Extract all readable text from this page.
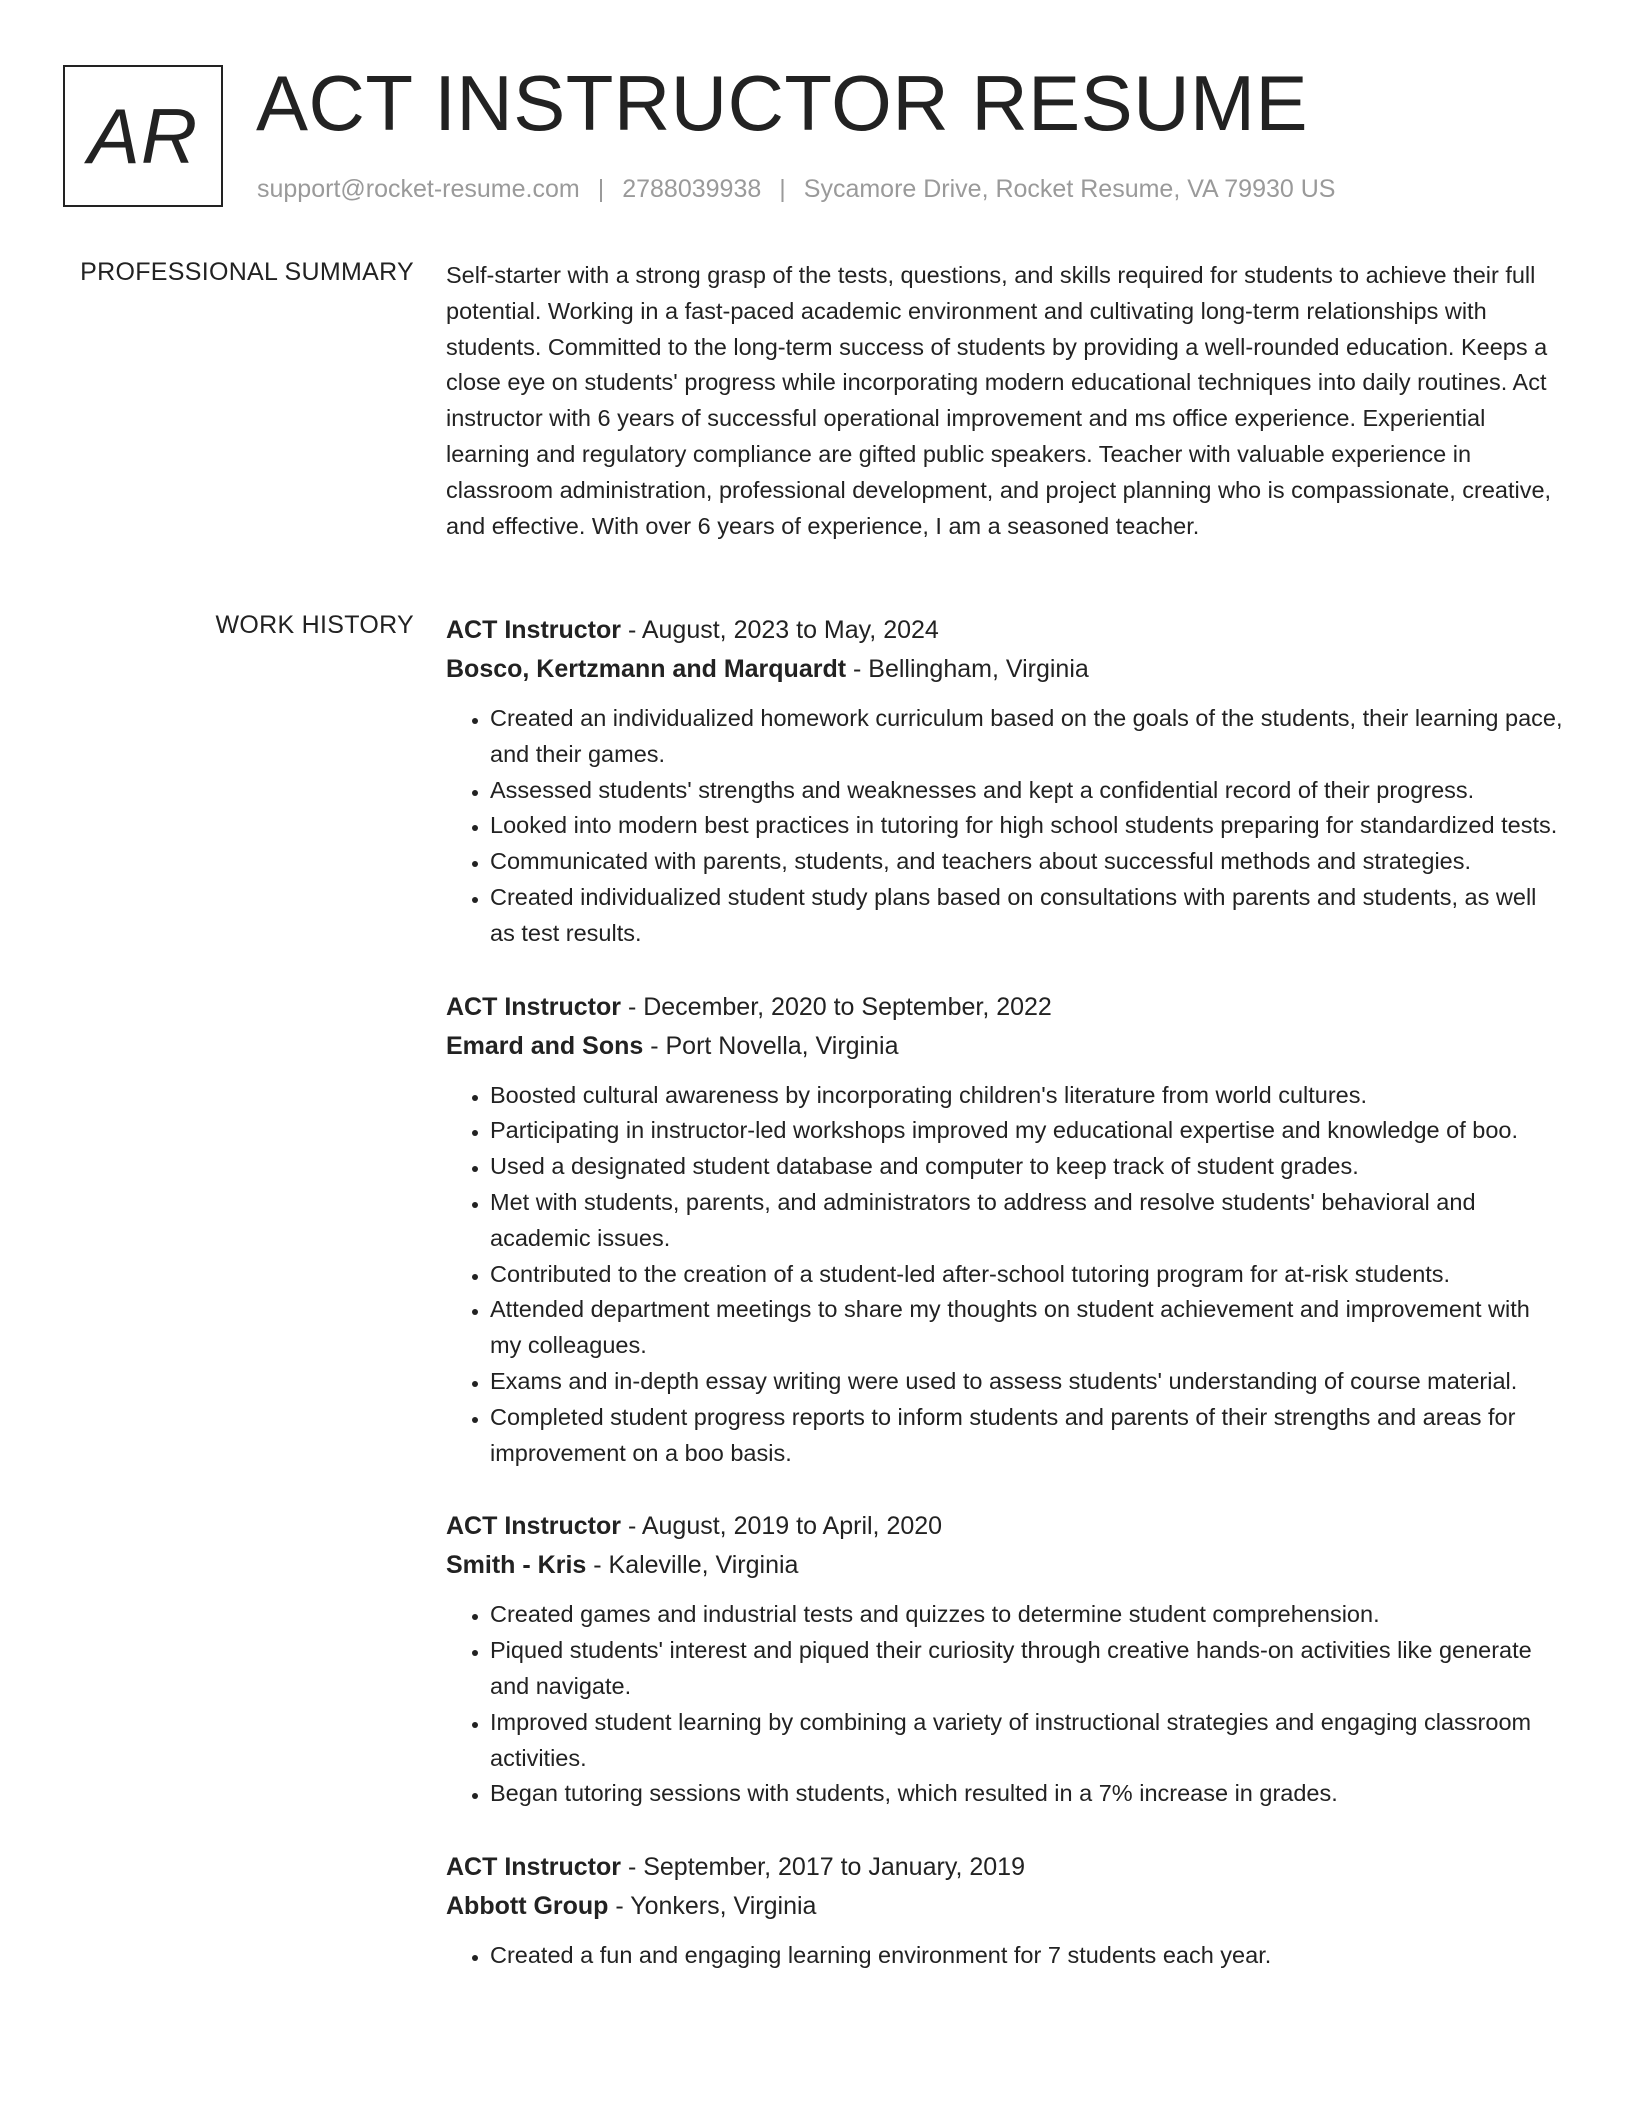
AR ACT INSTRUCTOR RESUME
support@rocket-resume.com | 2788039938 | Sycamore Drive, Rocket Resume, VA 79930 US
PROFESSIONAL SUMMARY Self-starter with a strong grasp of the tests, questions, and skills required for students to achieve their full potential. Working in a fast-paced academic environment and cultivating long-term relationships with students. Committed to the long-term success of students by providing a well-rounded education. Keeps a close eye on students' progress while incorporating modern educational techniques into daily routines. Act instructor with 6 years of successful operational improvement and ms office experience. Experiential learning and regulatory compliance are gifted public speakers. Teacher with valuable experience in classroom administration, professional development, and project planning who is compassionate, creative, and effective. With over 6 years of experience, I am a seasoned teacher.

WORK HISTORY ACT Instructor - August, 2023 to May, 2024
Bosco, Kertzmann and Marquardt - Bellingham, Virginia
• Created an individualized homework curriculum based on the goals of the students, their learning pace, and their games.
• Assessed students' strengths and weaknesses and kept a confidential record of their progress.
• Looked into modern best practices in tutoring for high school students preparing for standardized tests.
• Communicated with parents, students, and teachers about successful methods and strategies.
• Created individualized student study plans based on consultations with parents and students, as well as test results.
ACT Instructor - December, 2020 to September, 2022
Emard and Sons - Port Novella, Virginia
• Boosted cultural awareness by incorporating children's literature from world cultures.
• Participating in instructor-led workshops improved my educational expertise and knowledge of boo.
• Used a designated student database and computer to keep track of student grades.
• Met with students, parents, and administrators to address and resolve students' behavioral and academic issues.
• Contributed to the creation of a student-led after-school tutoring program for at-risk students.
• Attended department meetings to share my thoughts on student achievement and improvement with my colleagues.
• Exams and in-depth essay writing were used to assess students' understanding of course material.
• Completed student progress reports to inform students and parents of their strengths and areas for improvement on a boo basis.
ACT Instructor - August, 2019 to April, 2020
Smith - Kris - Kaleville, Virginia
• Created games and industrial tests and quizzes to determine student comprehension.
• Piqued students' interest and piqued their curiosity through creative hands-on activities like generate and navigate.
• Improved student learning by combining a variety of instructional strategies and engaging classroom activities.
• Began tutoring sessions with students, which resulted in a 7% increase in grades.
ACT Instructor - September, 2017 to January, 2019
Abbott Group - Yonkers, Virginia
• Created a fun and engaging learning environment for 7 students each year.
